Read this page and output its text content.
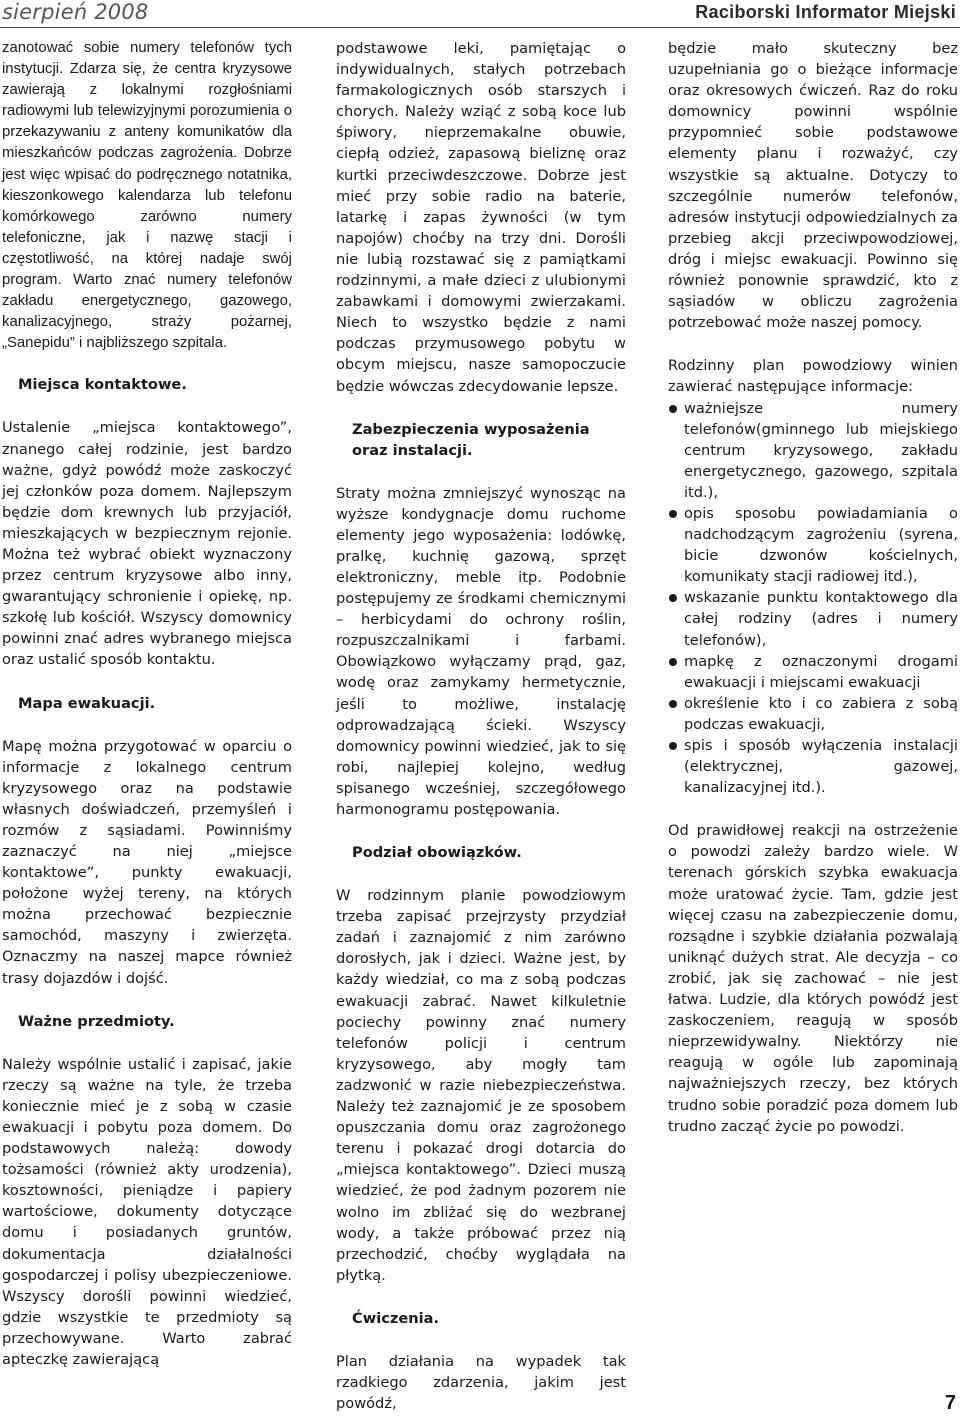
sierpień 2008	Raciborski Informator Miejski

zanotować sobie numery telefonów tych instytucji. Zdarza się, że centra kryzysowe zawierają z lokalnymi rozgłośniami radiowymi lub telewizyjnymi porozumienia o przekazywaniu z anteny komunikatów dla mieszkańców podczas zagrożenia. Dobrze jest więc wpisać do podręcznego notatnika, kieszonkowego kalendarza lub telefonu komórkowego zarówno numery telefoniczne, jak i nazwę stacji i częstotliwość, na której nadaje swój program. Warto znać numery telefonów zakładu energetycznego, gazowego, kanalizacyjnego, straży pożarnej, „Sanepidu” i najbliższego szpitala.

Miejsca kontaktowe.

Ustalenie „miejsca kontaktowego”, znanego całej rodzinie, jest bardzo ważne, gdyż powódź może zaskoczyć jej członków poza domem. Najlepszym będzie dom krewnych lub przyjaciół, mieszkających w bezpiecznym rejonie. Można też wybrać obiekt wyznaczony przez centrum kryzysowe albo inny, gwarantujący schronienie i opiekę, np. szkołę lub kościół. Wszyscy domownicy powinni znać adres wybranego miejsca oraz ustalić sposób kontaktu.

Mapa ewakuacji.

Mapę można przygotować w oparciu o informacje z lokalnego centrum kryzysowego oraz na podstawie własnych doświadczeń, przemyśleń i rozmów z sąsiadami. Powinniśmy zaznaczyć na niej „miejsce kontaktowe”, punkty ewakuacji, położone wyżej tereny, na których można przechować bezpiecznie samochód, maszyny i zwierzęta. Oznaczmy na naszej mapce również trasy dojazdów i dojść.

Ważne przedmioty.

Należy wspólnie ustalić i zapisać, jakie rzeczy są ważne na tyle, że trzeba koniecznie mieć je z sobą w czasie ewakuacji i pobytu poza domem. Do podstawowych należą: dowody tożsamości (również akty urodzenia), kosztowności, pieniądze i papiery wartościowe, dokumenty dotyczące domu i posiadanych gruntów, dokumentacja działalności gospodarczej i polisy ubezpieczeniowe. Wszyscy dorośli powinni wiedzieć, gdzie wszystkie te przedmioty są przechowywane. Warto zabrać apteczkę zawierającą

podstawowe leki, pamiętając o indywidualnych, stałych potrzebach farmakologicznych osób starszych i chorych. Należy wziąć z sobą koce lub śpiwory, nieprzemakalne obuwie, ciepłą odzież, zapasową bieliznę oraz kurtki przeciwdeszczowe. Dobrze jest mieć przy sobie radio na baterie, latarkę i zapas żywności (w tym napojów) choćby na trzy dni. Dorośli nie lubią rozstawać się z pamiątkami rodzinnymi, a małe dzieci z ulubionymi zabawkami i domowymi zwierzakami. Niech to wszystko będzie z nami podczas przymusowego pobytu w obcym miejscu, nasze samopoczucie będzie wówczas zdecydowanie lepsze.

Zabezpieczenia wyposażenia oraz instalacji.

Straty można zmniejszyć wynosząc na wyższe kondygnacje domu ruchome elementy jego wyposażenia: lodówkę, pralkę, kuchnię gazową, sprzęt elektroniczny, meble itp. Podobnie postępujemy ze środkami chemicznymi – herbicydami do ochrony roślin, rozpuszczalnikami i farbami. Obowiązkowo wyłączamy prąd, gaz, wodę oraz zamykamy hermetycznie, jeśli to możliwe, instalację odprowadzającą ścieki. Wszyscy domownicy powinni wiedzieć, jak to się robi, najlepiej kolejno, według spisanego wcześniej, szczegółowego harmonogramu postępowania.

Podział obowiązków.

W rodzinnym planie powodziowym trzeba zapisać przejrzysty przydział zadań i zaznajomić z nim zarówno dorosłych, jak i dzieci. Ważne jest, by każdy wiedział, co ma z sobą podczas ewakuacji zabrać. Nawet kilkuletnie pociechy powinny znać numery telefonów policji i centrum kryzysowego, aby mogły tam zadzwonić w razie niebezpieczeństwa. Należy też zaznajomić je ze sposobem opuszczania domu oraz zagrożonego terenu i pokazać drogi dotarcia do „miejsca kontaktowego”. Dzieci muszą wiedzieć, że pod żadnym pozorem nie wolno im zbliżać się do wezbranej wody, a także próbować przez nią przechodzić, choćby wyglądała na płytką.

Ćwiczenia.

Plan działania na wypadek tak rzadkiego zdarzenia, jakim jest powódź,

będzie mało skuteczny bez uzupełniania go o bieżące informacje oraz okresowych ćwiczeń. Raz do roku domownicy powinni wspólnie przypomnieć sobie podstawowe elementy planu i rozważyć, czy wszystkie są aktualne. Dotyczy to szczególnie numerów telefonów, adresów instytucji odpowiedzialnych za przebieg akcji przeciwpowodziowej, dróg i miejsc ewakuacji. Powinno się również ponownie sprawdzić, kto z sąsiadów w obliczu zagrożenia potrzebować może naszej pomocy.

Rodzinny plan powodziowy winien zawierać następujące informacje:

ważniejsze numery telefonów(gminnego lub miejskiego centrum kryzysowego, zakładu energetycznego, gazowego, szpitala itd.),
opis sposobu powiadamiania o nadchodzącym zagrożeniu (syrena, bicie dzwonów kościelnych, komunikaty stacji radiowej itd.),
wskazanie punktu kontaktowego dla całej rodziny (adres i numery telefonów),
mapkę z oznaczonymi drogami ewakuacji i miejscami ewakuacji
określenie kto i co zabiera z sobą podczas ewakuacji,
spis i sposób wyłączenia instalacji (elektrycznej, gazowej, kanalizacyjnej itd.).

Od prawidłowej reakcji na ostrzeżenie o powodzi zależy bardzo wiele. W terenach górskich szybka ewakuacja może uratować życie. Tam, gdzie jest więcej czasu na zabezpieczenie domu, rozsądne i szybkie działania pozwalają uniknąć dużych strat. Ale decyzja – co zrobić, jak się zachować – nie jest łatwa. Ludzie, dla których powódź jest zaskoczeniem, reagują w sposób nieprzewidywalny. Niektórzy nie reagują w ogóle lub zapominają najważniejszych rzeczy, bez których trudno sobie poradzić poza domem lub trudno zacząć życie po powodzi.

7
